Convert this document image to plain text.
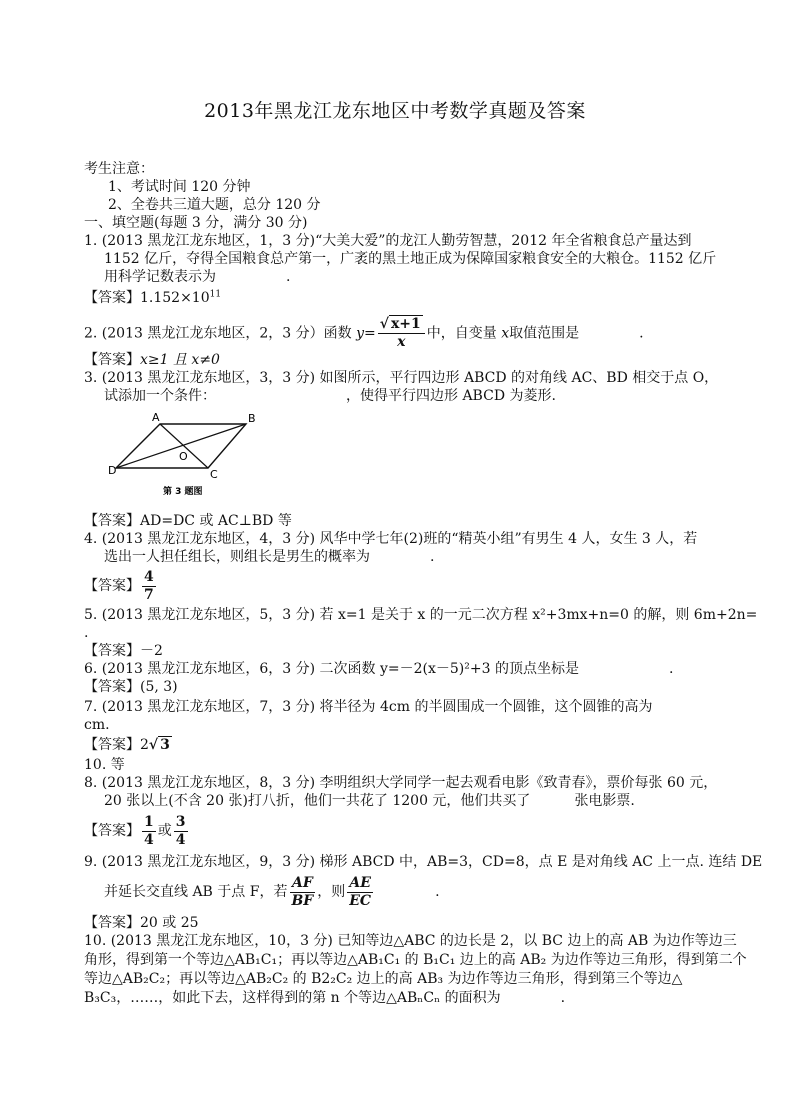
2013年黑龙江龙东地区中考数学真题及答案
考生注意：
1、考试时间 120 分钟
2、全卷共三道大题，总分 120 分
一、填空题(每题 3 分，满分 30 分)
1. (2013 黑龙江龙东地区，1，3 分)“大美大爱”的龙江人勤劳智慧，2012 年全省粮食总产量达到
1152 亿斤，夺得全国粮食总产第一，广袤的黑土地正成为保障国家粮食安全的大粮仓。1152 亿斤
用科学记数表示为	.
【答案】$1.152\times 10^{11}$
2. (2013 黑龙江龙东地区，2，3 分）函数 $y= \frac{√ x+1}{x}$ 中，自变量 x取值范围是	.
【答案】x≥1 且 x≠0
3. (2013 黑龙江龙东地区，3，3 分) 如图所示，平行四边形 ABCD 的对角线 AC、BD 相交于点 O，
试添加一个条件：	，使得平行四边形 ABCD 为菱形.
A	B
C
D
O
第 3 题图
【答案】AD=DC 或 AC⊥BD 等
4. (2013 黑龙江龙东地区，4，3 分) 风华中学七年(2)班的“精英小组”有男生 4 人，女生 3 人，若
选出一人担任组长，则组长是男生的概率为	.
【答案】 $\frac{4}{7}$
5. (2013 黑龙江龙东地区，5，3 分) 若 x=1 是关于 x 的一元二次方程 x²+3mx+n=0 的解，则 6m+2n=
.
【答案】－2
6. (2013 黑龙江龙东地区，6，3 分) 二次函数 y=－2(x－5)²+3 的顶点坐标是	.
【答案】(5, 3)
7. (2013 黑龙江龙东地区，7，3 分) 将半径为 4cm 的半圆围成一个圆锥，这个圆锥的高为
cm.
【答案】2√ 3
10. 等
8. (2013 黑龙江龙东地区，8，3 分) 李明组织大学同学一起去观看电影《致青春》，票价每张 60 元，
20 张以上(不含 20 张)打八折，他们一共花了 1200 元，他们共买了	张电影票.
【答案】 $\frac{1}{4}$ 或 $\frac{3}{4}$
9. (2013 黑龙江龙东地区，9，3 分) 梯形 ABCD 中，AB=3，CD=8，点 E 是对角线 AC 上一点. 连结 DE
并延长交直线 AB 于点 F，若 $\frac{AF}{BF}$ ，则 $\frac{AE}{EC}$	.
【答案】20 或 25
10. (2013 黑龙江龙东地区，10，3 分) 已知等边△ABC 的边长是 2，以 BC 边上的高 AB 为边作等边三
角形，得到第一个等边△AB₁C₁；再以等边△AB₁C₁ 的 B₁C₁ 边上的高 AB₂ 为边作等边三角形，得到第二个
等边△AB₂C₂；再以等边△AB₂C₂ 的 B2₂C₂ 边上的高 AB₃ 为边作等边三角形，得到第三个等边△
B₃C₃，……，如此下去，这样得到的第 n 个等边△ABₙCₙ 的面积为	.
